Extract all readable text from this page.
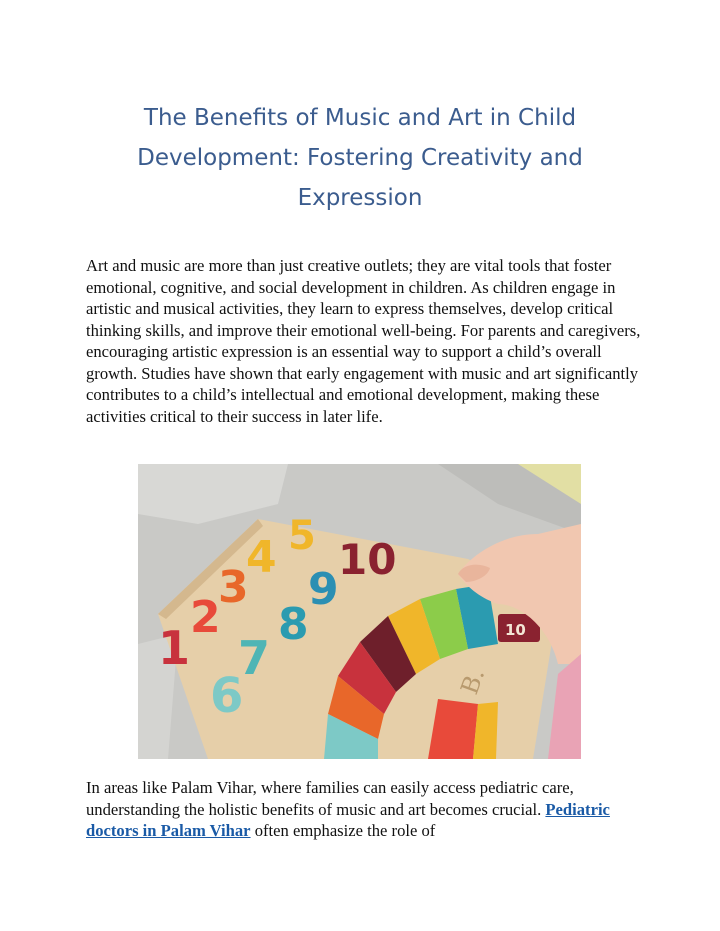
The Benefits of Music and Art in Child Development: Fostering Creativity and Expression

Art and music are more than just creative outlets; they are vital tools that foster emotional, cognitive, and social development in children. As children engage in artistic and musical activities, they learn to express themselves, develop critical thinking skills, and improve their emotional well-being. For parents and caregivers, encouraging artistic expression is an essential way to support a child’s overall growth. Studies have shown that early engagement with music and art significantly contributes to a child’s intellectual and emotional development, making these activities critical to their success in later life.

4 5
3
2
1
10
9
8
7
6
10
B.

In areas like Palam Vihar, where families can easily access pediatric care, understanding the holistic benefits of music and art becomes crucial. Pediatric doctors in Palam Vihar often emphasize the role of
